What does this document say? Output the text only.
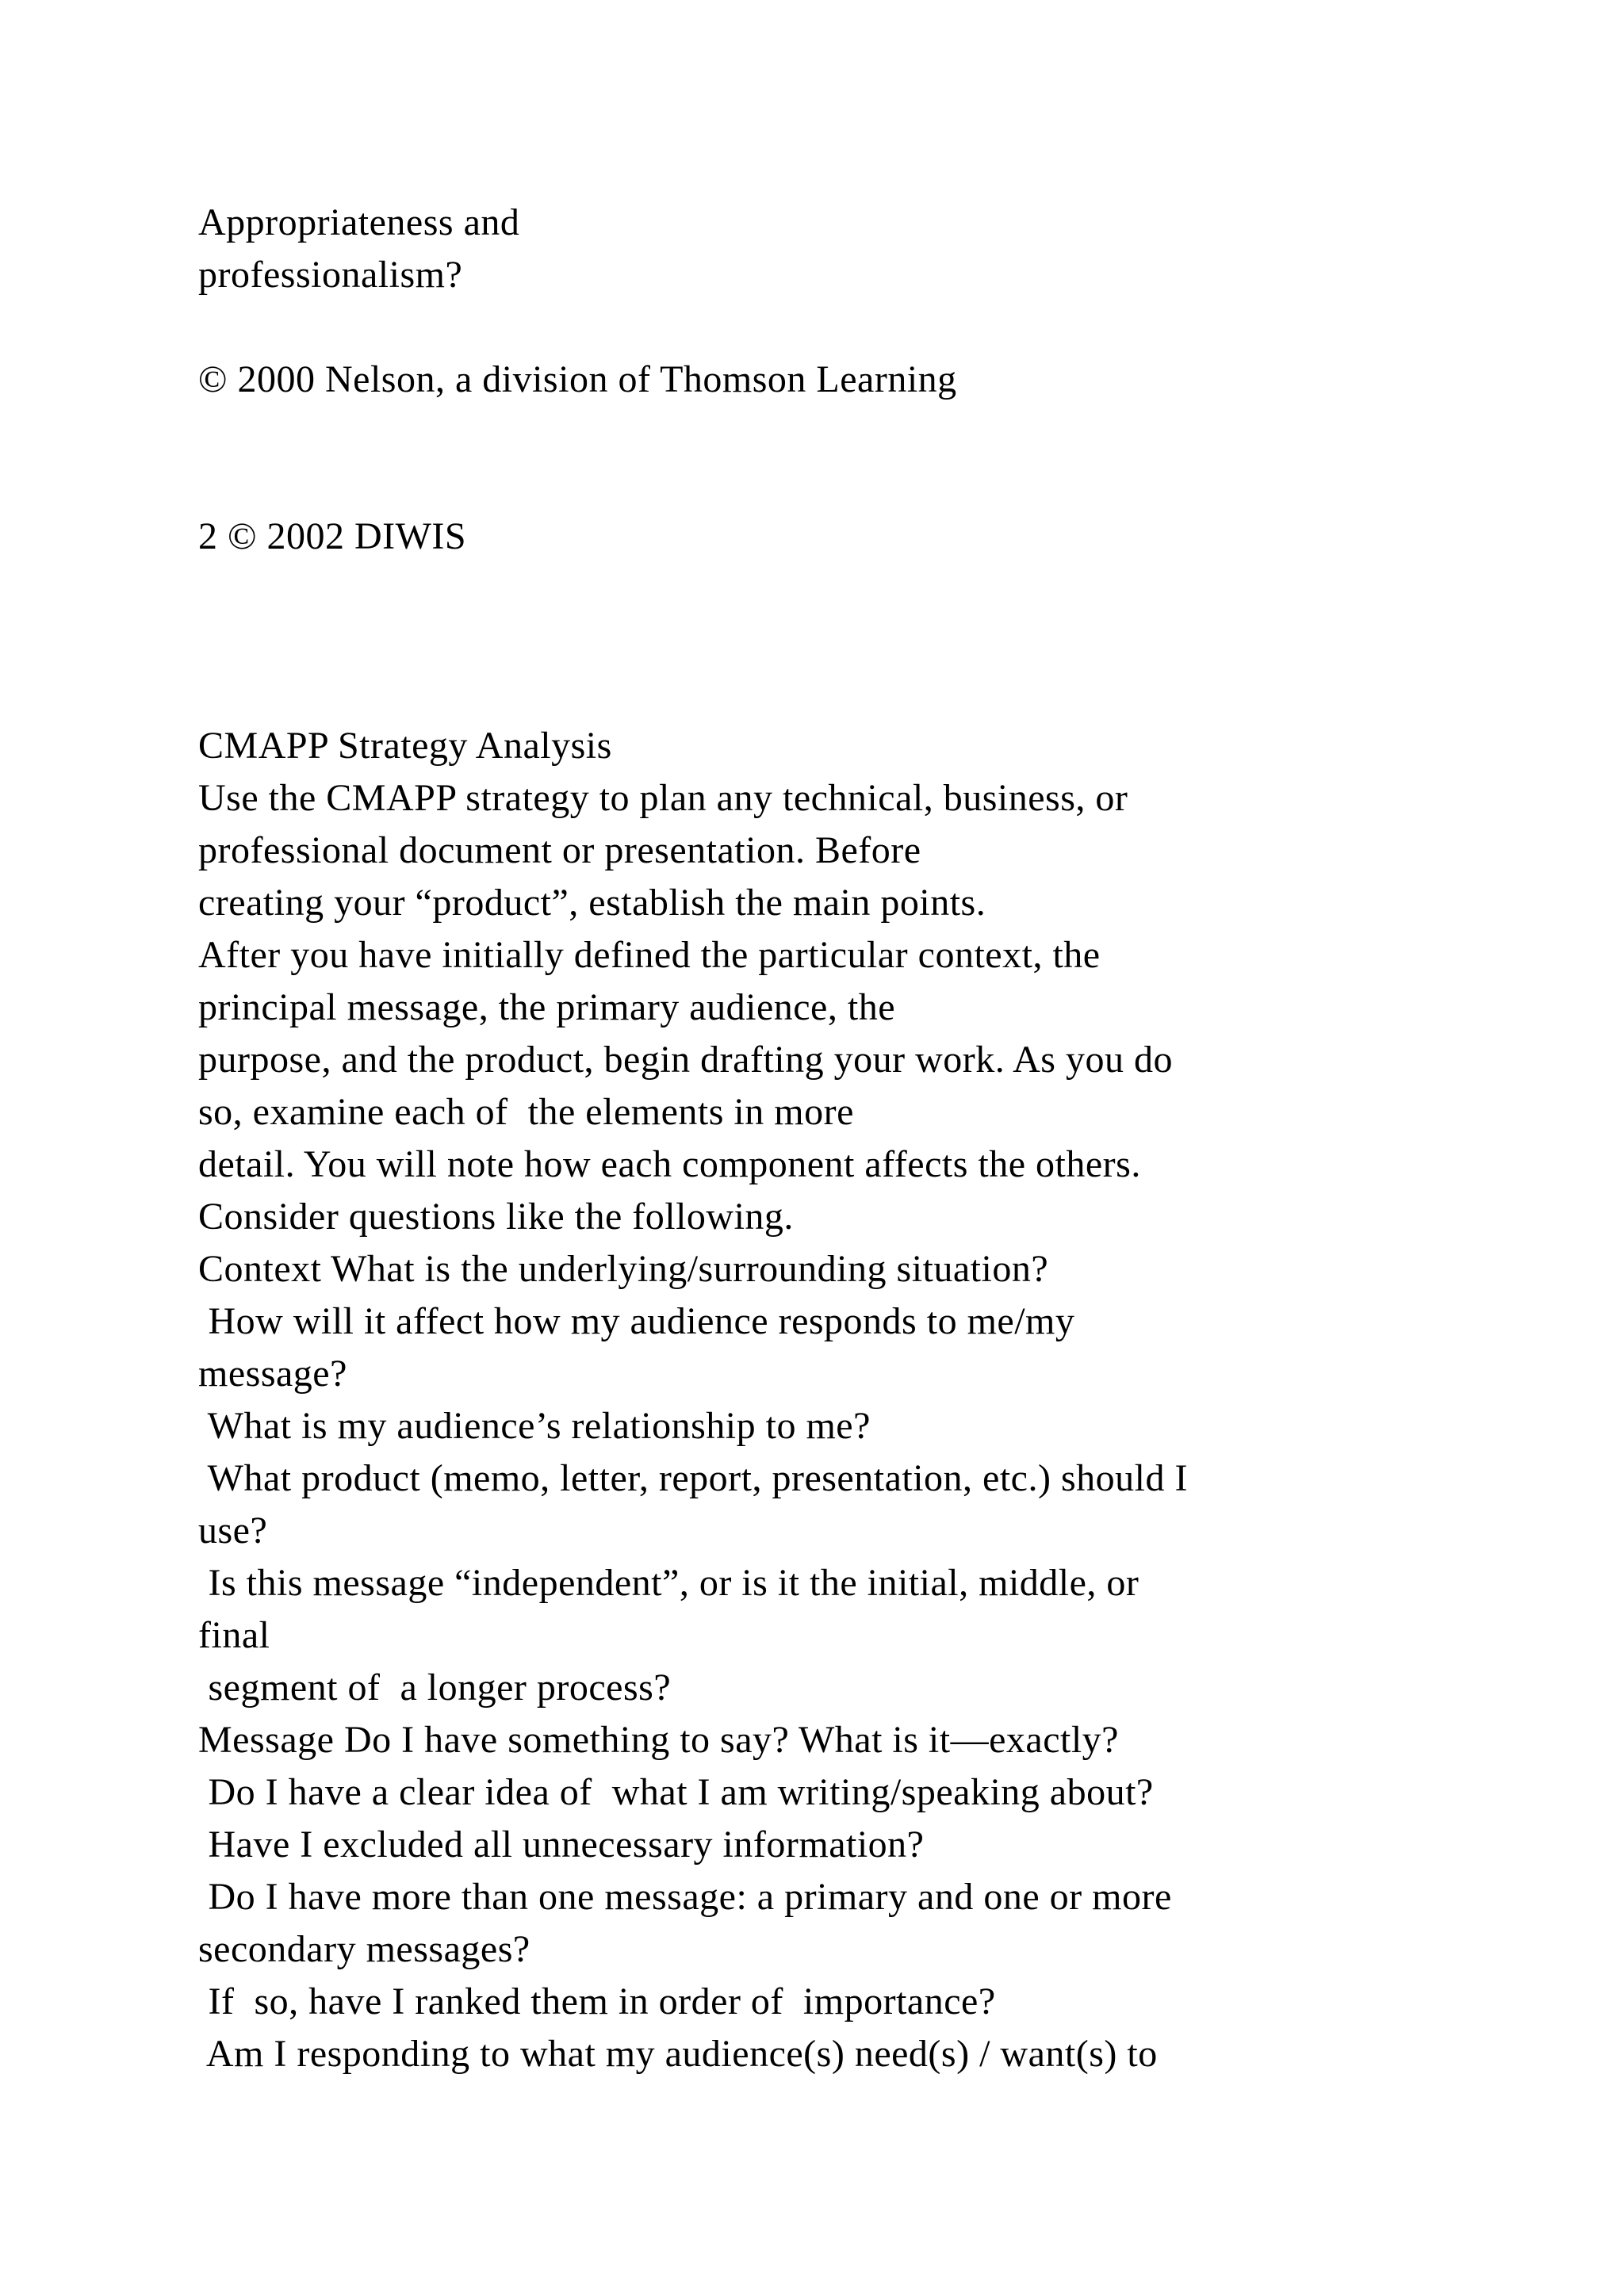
Appropriateness and

professionalism?

© 2000 Nelson, a division of Thomson Learning

2 © 2002 DIWIS

CMAPP Strategy Analysis

Use the CMAPP strategy to plan any technical, business, or

professional document or presentation. Before

creating your “product”, establish the main points.

After you have initially defined the particular context, the

principal message, the primary audience, the

purpose, and the product, begin drafting your work. As you do

so, examine each of  the elements in more

detail. You will note how each component affects the others.

Consider questions like the following.

Context What is the underlying/surrounding situation?

How will it affect how my audience responds to me/my

message?

What is my audience’s relationship to me?

What product (memo, letter, report, presentation, etc.) should I

use?

Is this message “independent”, or is it the initial, middle, or

final

segment of  a longer process?

Message Do I have something to say? What is it—exactly?

Do I have a clear idea of  what I am writing/speaking about?

Have I excluded all unnecessary information?

Do I have more than one message: a primary and one or more

secondary messages?

If  so, have I ranked them in order of  importance?

Am I responding to what my audience(s) need(s) / want(s) to
